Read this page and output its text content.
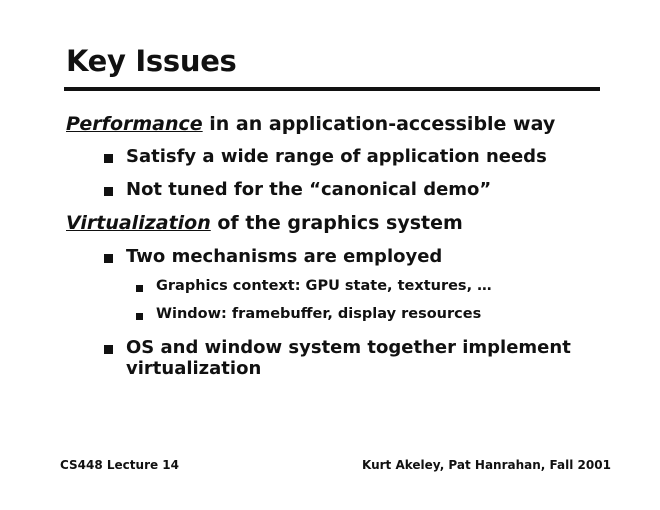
Key Issues
Performance in an application-accessible way
Satisfy a wide range of application needs
Not tuned for the “canonical demo”
Virtualization of the graphics system
Two mechanisms are employed
Graphics context: GPU state, textures, …
Window: framebuffer, display resources
OS and window system together implement
virtualization
CS448 Lecture 14	Kurt Akeley, Pat Hanrahan, Fall 2001
